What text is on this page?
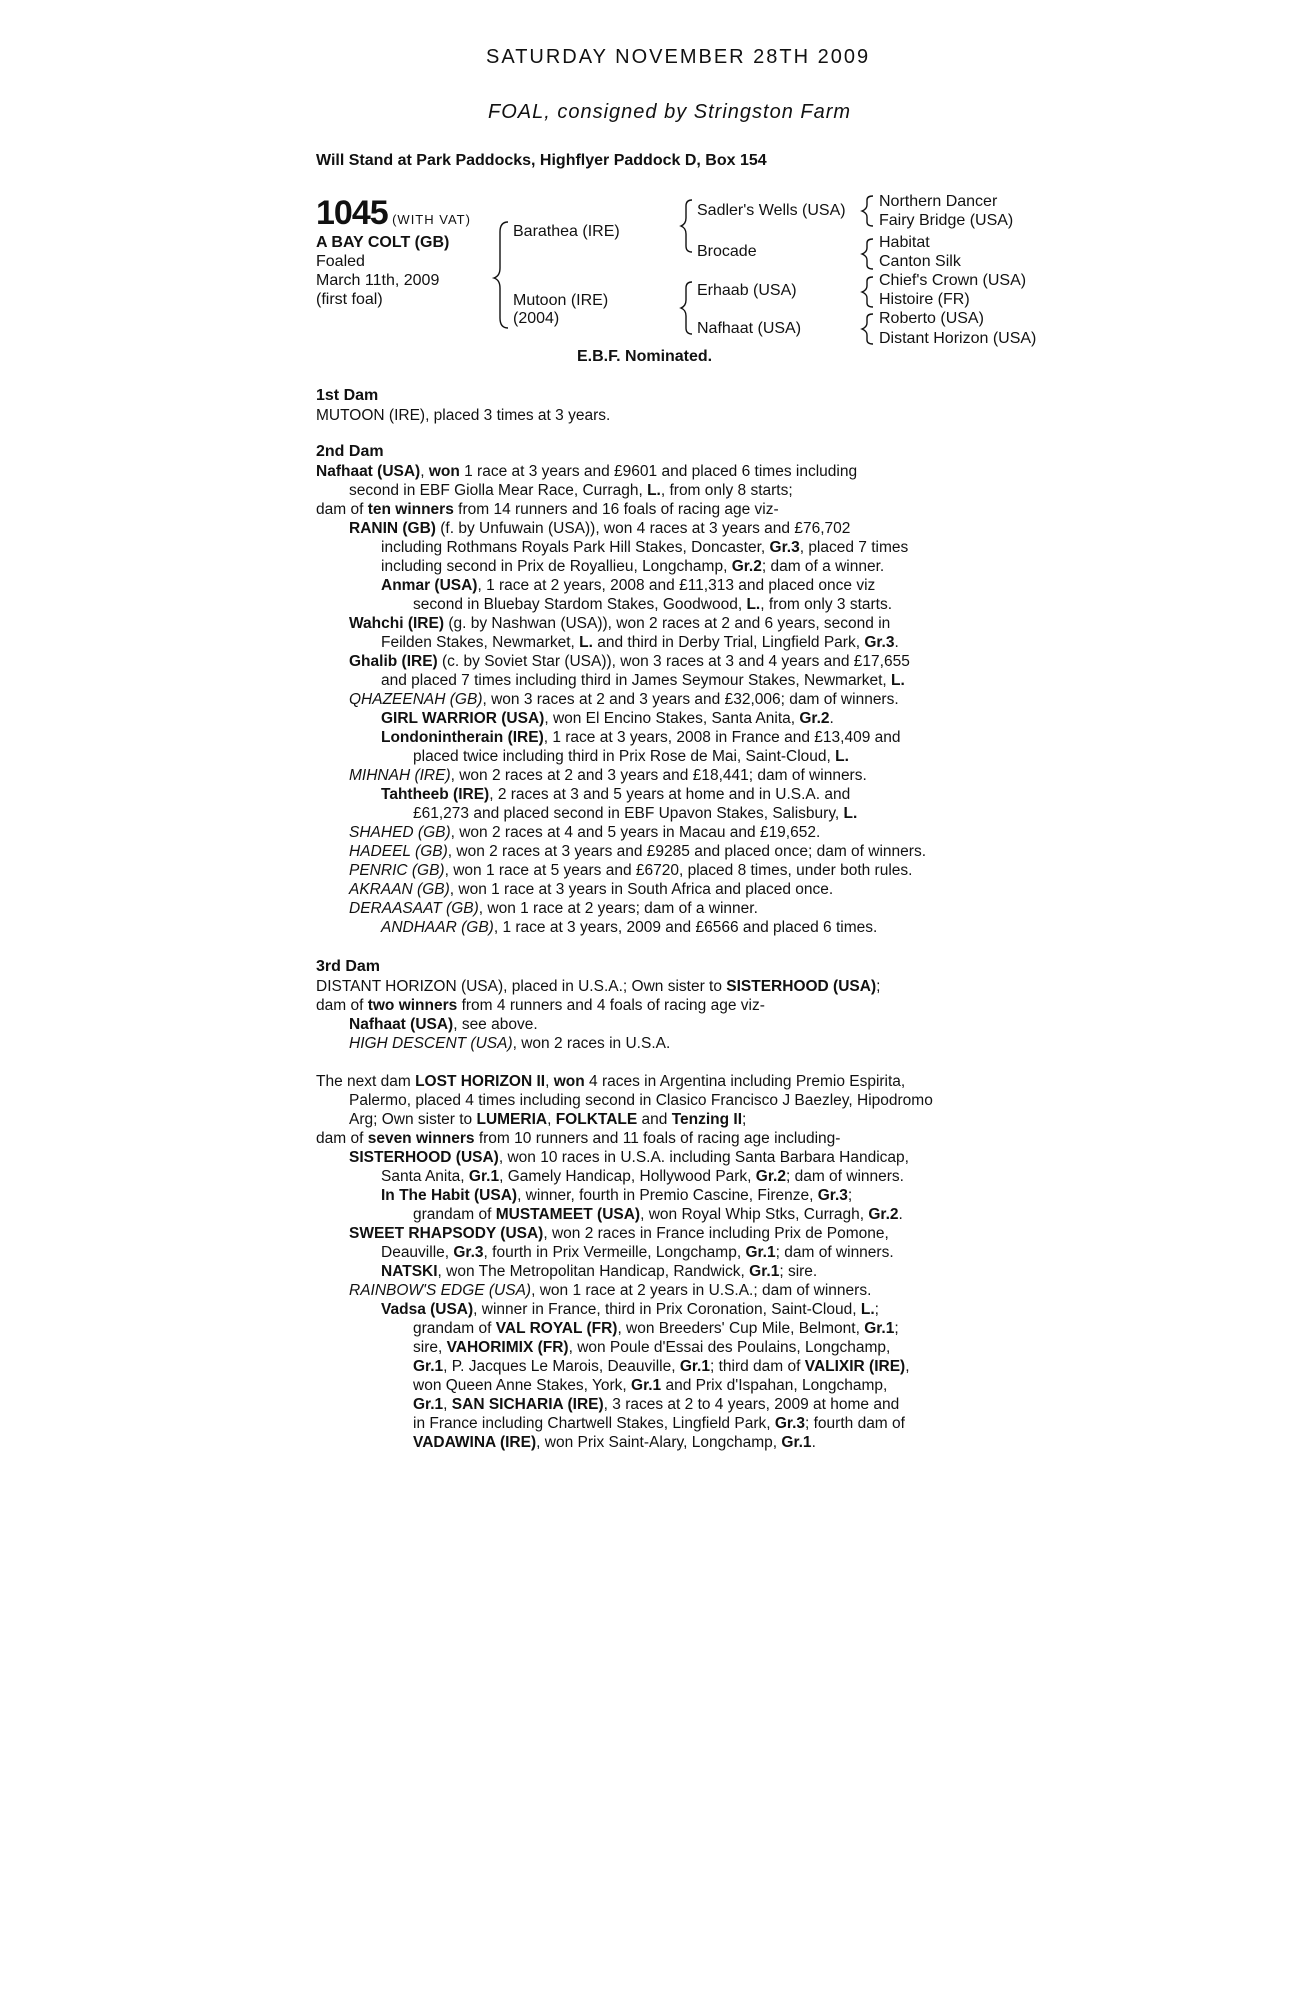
SATURDAY NOVEMBER 28TH 2009
FOAL, consigned by Stringston Farm
Will Stand at Park Paddocks, Highflyer Paddock D, Box 154
1045 (WITH VAT)
A BAY COLT (GB)
Foaled
March 11th, 2009
(first foal)
Barathea (IRE)
Mutoon (IRE)
(2004)
Sadler's Wells (USA)
Brocade
Erhaab (USA)
Nafhaat (USA)
Northern Dancer
Fairy Bridge (USA)
Habitat
Canton Silk
Chief's Crown (USA)
Histoire (FR)
Roberto (USA)
Distant Horizon (USA)
E.B.F. Nominated.
1st Dam
MUTOON (IRE), placed 3 times at 3 years.
2nd Dam
Nafhaat (USA), won 1 race at 3 years and £9601 and placed 6 times including
second in EBF Giolla Mear Race, Curragh, L., from only 8 starts;
dam of ten winners from 14 runners and 16 foals of racing age viz-
RANIN (GB) (f. by Unfuwain (USA)), won 4 races at 3 years and £76,702
including Rothmans Royals Park Hill Stakes, Doncaster, Gr.3, placed 7 times
including second in Prix de Royallieu, Longchamp, Gr.2; dam of a winner.
Anmar (USA), 1 race at 2 years, 2008 and £11,313 and placed once viz
second in Bluebay Stardom Stakes, Goodwood, L., from only 3 starts.
Wahchi (IRE) (g. by Nashwan (USA)), won 2 races at 2 and 6 years, second in
Feilden Stakes, Newmarket, L. and third in Derby Trial, Lingfield Park, Gr.3.
Ghalib (IRE) (c. by Soviet Star (USA)), won 3 races at 3 and 4 years and £17,655
and placed 7 times including third in James Seymour Stakes, Newmarket, L.
QHAZEENAH (GB), won 3 races at 2 and 3 years and £32,006; dam of winners.
GIRL WARRIOR (USA), won El Encino Stakes, Santa Anita, Gr.2.
Londonintherain (IRE), 1 race at 3 years, 2008 in France and £13,409 and
placed twice including third in Prix Rose de Mai, Saint-Cloud, L.
MIHNAH (IRE), won 2 races at 2 and 3 years and £18,441; dam of winners.
Tahtheeb (IRE), 2 races at 3 and 5 years at home and in U.S.A. and
£61,273 and placed second in EBF Upavon Stakes, Salisbury, L.
SHAHED (GB), won 2 races at 4 and 5 years in Macau and £19,652.
HADEEL (GB), won 2 races at 3 years and £9285 and placed once; dam of winners.
PENRIC (GB), won 1 race at 5 years and £6720, placed 8 times, under both rules.
AKRAAN (GB), won 1 race at 3 years in South Africa and placed once.
DERAASAAT (GB), won 1 race at 2 years; dam of a winner.
ANDHAAR (GB), 1 race at 3 years, 2009 and £6566 and placed 6 times.
3rd Dam
DISTANT HORIZON (USA), placed in U.S.A.; Own sister to SISTERHOOD (USA);
dam of two winners from 4 runners and 4 foals of racing age viz-
Nafhaat (USA), see above.
HIGH DESCENT (USA), won 2 races in U.S.A.
The next dam LOST HORIZON II, won 4 races in Argentina including Premio Espirita,
Palermo, placed 4 times including second in Clasico Francisco J Baezley, Hipodromo
Arg; Own sister to LUMERIA, FOLKTALE and Tenzing II;
dam of seven winners from 10 runners and 11 foals of racing age including-
SISTERHOOD (USA), won 10 races in U.S.A. including Santa Barbara Handicap,
Santa Anita, Gr.1, Gamely Handicap, Hollywood Park, Gr.2; dam of winners.
In The Habit (USA), winner, fourth in Premio Cascine, Firenze, Gr.3;
grandam of MUSTAMEET (USA), won Royal Whip Stks, Curragh, Gr.2.
SWEET RHAPSODY (USA), won 2 races in France including Prix de Pomone,
Deauville, Gr.3, fourth in Prix Vermeille, Longchamp, Gr.1; dam of winners.
NATSKI, won The Metropolitan Handicap, Randwick, Gr.1; sire.
RAINBOW'S EDGE (USA), won 1 race at 2 years in U.S.A.; dam of winners.
Vadsa (USA), winner in France, third in Prix Coronation, Saint-Cloud, L.;
grandam of VAL ROYAL (FR), won Breeders' Cup Mile, Belmont, Gr.1;
sire, VAHORIMIX (FR), won Poule d'Essai des Poulains, Longchamp,
Gr.1, P. Jacques Le Marois, Deauville, Gr.1; third dam of VALIXIR (IRE),
won Queen Anne Stakes, York, Gr.1 and Prix d'Ispahan, Longchamp,
Gr.1, SAN SICHARIA (IRE), 3 races at 2 to 4 years, 2009 at home and
in France including Chartwell Stakes, Lingfield Park, Gr.3; fourth dam of
VADAWINA (IRE), won Prix Saint-Alary, Longchamp, Gr.1.
